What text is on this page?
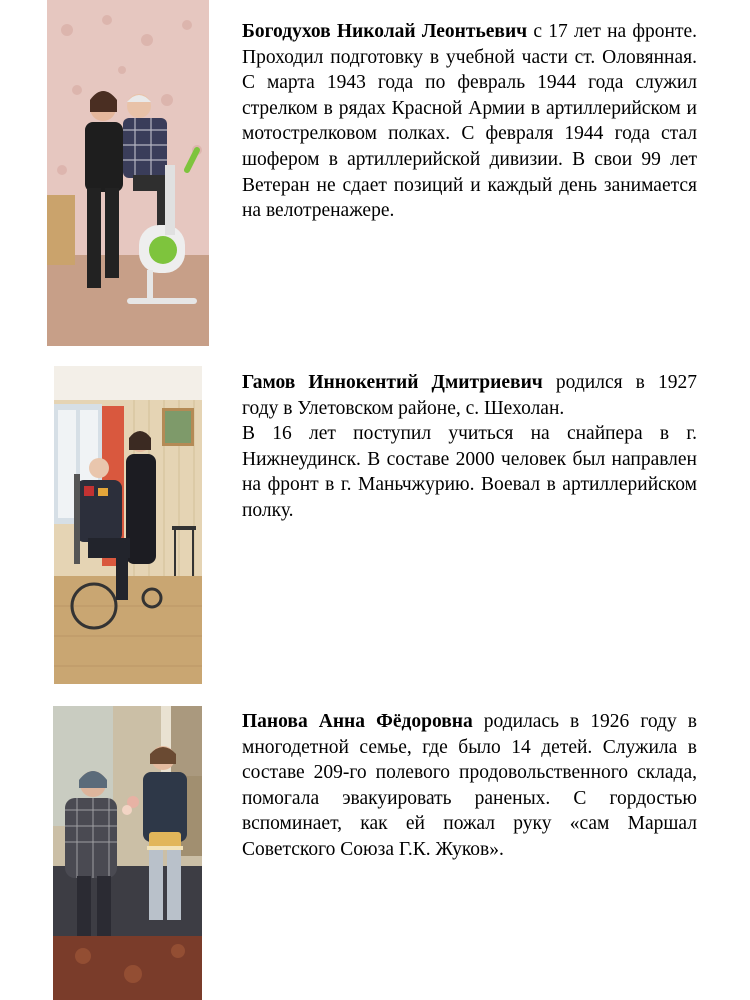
Богодухов Николай Леонтьевич с 17 лет на фронте. Проходил подготовку в учебной части ст. Оловянная. С марта 1943 года по февраль 1944 года служил стрелком в рядах Красной Армии в артиллерийском и мотострелковом полках. С февраля 1944 года стал шофером в артиллерийской дивизии. В свои 99 лет Ветеран не сдает позиций и каждый день занимается на велотренажере.

Гамов Иннокентий Дмитриевич родился в 1927 году в Улетовском районе, с. Шехолан.

В 16 лет поступил учиться на снайпера в г. Нижнеудинск. В составе 2000 человек был направлен на фронт в г. Маньчжурию. Воевал в артиллерийском полку.

Панова Анна Фёдоровна родилась в 1926 году в многодетной семье, где было 14 детей. Служила в составе 209-го полевого продовольственного склада, помогала эвакуировать раненых. С гордостью вспоминает, как ей пожал руку «сам Маршал Советского Союза Г.К. Жуков».
